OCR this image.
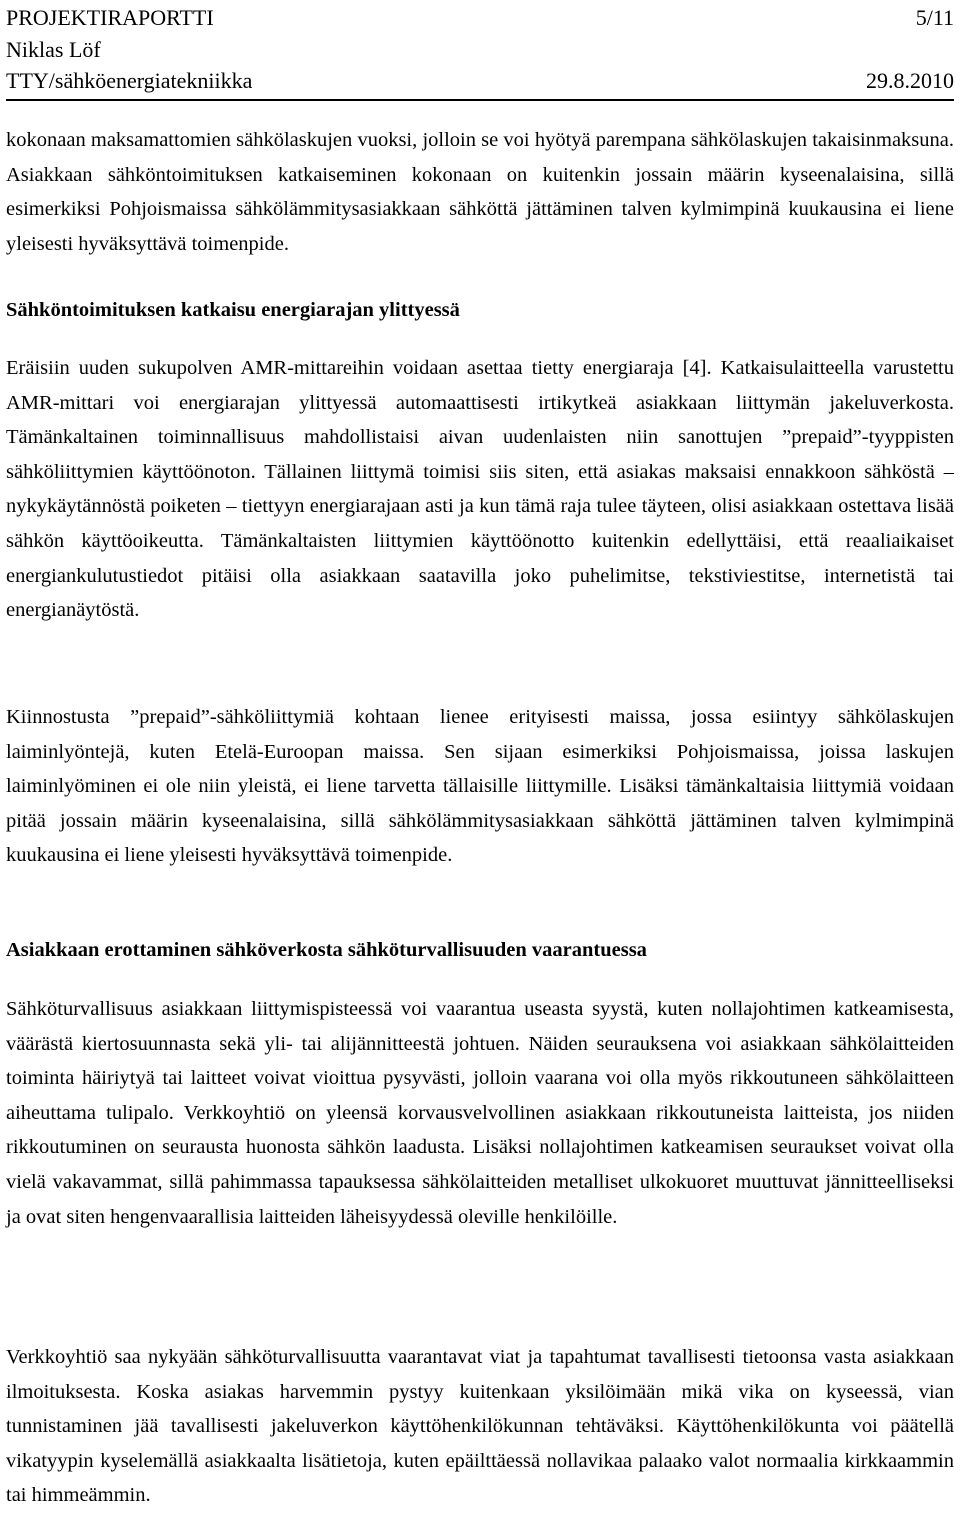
PROJEKTIRAPORTTI	5/11
Niklas Löf
TTY/sähköenergiatekniikka	29.8.2010

kokonaan maksamattomien sähkölaskujen vuoksi, jolloin se voi hyötyä parempana sähkölaskujen takaisinmaksuna. Asiakkaan sähköntoimituksen katkaiseminen kokonaan on kuitenkin jossain määrin kyseenalaisina, sillä esimerkiksi Pohjoismaissa sähkölämmitysasiakkaan sähköttä jättäminen talven kylmimpinä kuukausina ei liene yleisesti hyväksyttävä toimenpide.

Sähköntoimituksen katkaisu energiarajan ylittyessä

Eräisiin uuden sukupolven AMR-mittareihin voidaan asettaa tietty energiaraja [4]. Katkaisulaitteella varustettu AMR-mittari voi energiarajan ylittyessä automaattisesti irtikytkeä asiakkaan liittymän jakeluverkosta. Tämänkaltainen toiminnallisuus mahdollistaisi aivan uudenlaisten niin sanottujen ”prepaid”-tyyppisten sähköliittymien käyttöönoton. Tällainen liittymä toimisi siis siten, että asiakas maksaisi ennakkoon sähköstä – nykykäytännöstä poiketen – tiettyyn energiarajaan asti ja kun tämä raja tulee täyteen, olisi asiakkaan ostettava lisää sähkön käyttöoikeutta. Tämänkaltaisten liittymien käyttöönotto kuitenkin edellyttäisi, että reaaliaikaiset energiankulutustiedot pitäisi olla asiakkaan saatavilla joko puhelimitse, tekstiviestitse, internetistä tai energianäytöstä.

Kiinnostusta ”prepaid”-sähköliittymiä kohtaan lienee erityisesti maissa, jossa esiintyy sähkölaskujen laiminlyöntejä, kuten Etelä-Euroopan maissa. Sen sijaan esimerkiksi Pohjoismaissa, joissa laskujen laiminlyöminen ei ole niin yleistä, ei liene tarvetta tällaisille liittymille. Lisäksi tämänkaltaisia liittymiä voidaan pitää jossain määrin kyseenalaisina, sillä sähkölämmitysasiakkaan sähköttä jättäminen talven kylmimpinä kuukausina ei liene yleisesti hyväksyttävä toimenpide.

Asiakkaan erottaminen sähköverkosta sähköturvallisuuden vaarantuessa

Sähköturvallisuus asiakkaan liittymispisteessä voi vaarantua useasta syystä, kuten nollajohtimen katkeamisesta, väärästä kiertosuunnasta sekä yli- tai alijännitteestä johtuen. Näiden seurauksena voi asiakkaan sähkölaitteiden toiminta häiriytyä tai laitteet voivat vioittua pysyvästi, jolloin vaarana voi olla myös rikkoutuneen sähkölaitteen aiheuttama tulipalo. Verkkoyhtiö on yleensä korvausvelvollinen asiakkaan rikkoutuneista laitteista, jos niiden rikkoutuminen on seurausta huonosta sähkön laadusta. Lisäksi nollajohtimen katkeamisen seuraukset voivat olla vielä vakavammat, sillä pahimmassa tapauksessa sähkölaitteiden metalliset ulkokuoret muuttuvat jännitteelliseksi ja ovat siten hengenvaarallisia laitteiden läheisyydessä oleville henkilöille.

Verkkoyhtiö saa nykyään sähköturvallisuutta vaarantavat viat ja tapahtumat tavallisesti tietoonsa vasta asiakkaan ilmoituksesta. Koska asiakas harvemmin pystyy kuitenkaan yksilöimään mikä vika on kyseessä, vian tunnistaminen jää tavallisesti jakeluverkon käyttöhenkilökunnan tehtäväksi. Käyttöhenkilökunta voi päätellä vikatyypin kyselemällä asiakkaalta lisätietoja, kuten epäilttäessä nollavikaa palaako valot normaalia kirkkaammin tai himmeämmin.
